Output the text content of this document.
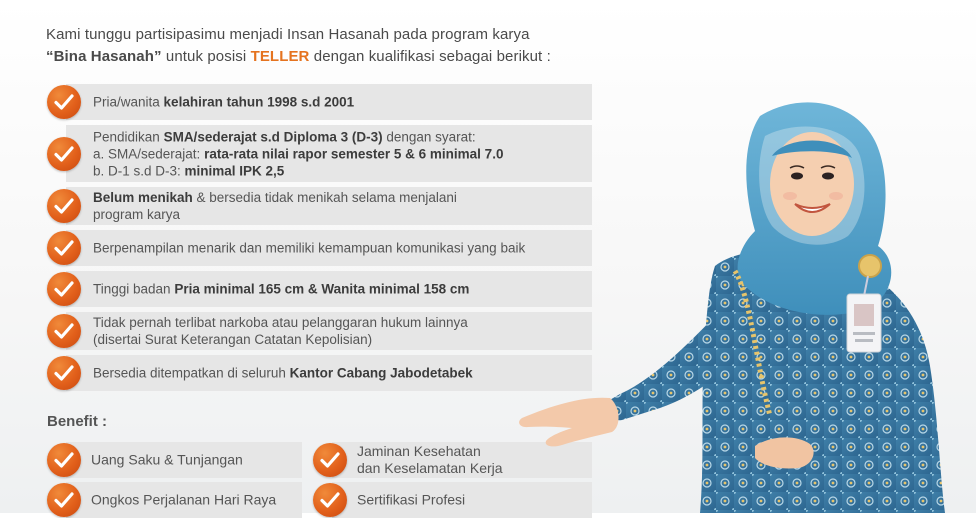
Kami tunggu partisipasimu menjadi Insan Hasanah pada program karya
“Bina Hasanah” untuk posisi TELLER dengan kualifikasi sebagai berikut :
Pria/wanita kelahiran tahun 1998 s.d 2001
Pendidikan SMA/sederajat s.d Diploma 3 (D-3) dengan syarat:
a. SMA/sederajat: rata-rata nilai rapor semester 5 & 6 minimal 7.0
b. D-1 s.d D-3: minimal IPK 2,5
Belum menikah & bersedia tidak menikah selama menjalani
program karya
Berpenampilan menarik dan memiliki kemampuan komunikasi yang baik
Tinggi badan Pria minimal 165 cm & Wanita minimal 158 cm
Tidak pernah terlibat narkoba atau pelanggaran hukum lainnya
(disertai Surat Keterangan Catatan Kepolisian)
Bersedia ditempatkan di seluruh Kantor Cabang Jabodetabek
Benefit :
Uang Saku & Tunjangan
Jaminan Kesehatan
dan Keselamatan Kerja
Ongkos Perjalanan Hari Raya	Sertifikasi Profesi
